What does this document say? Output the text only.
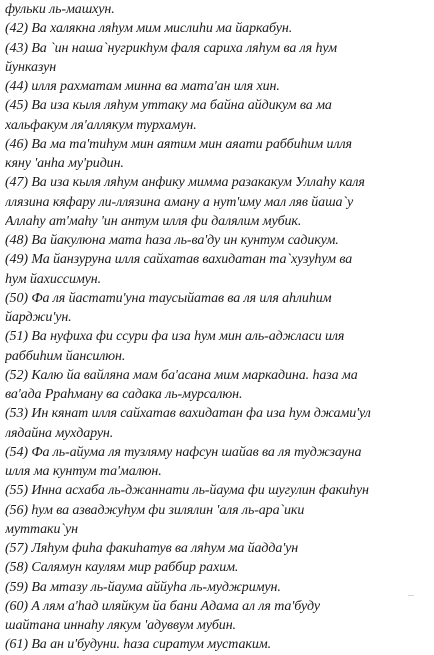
фульки ль-машхун.

(42) Ва халякна ляhум мим мислиhи ма йаркабун.

(43) Ва `ин наша`нугрикhум фаля сариха ляhум ва ля hум

йунказун

(44) илля рахматам минна ва мата'ан иля хин.

(45) Ва иза кыля ляhум уттаку ма байна айдикум ва ма

хальфакум ля'аллякум турхамун.

(46) Ва ма та'тиhум мин аятим мин аяати раббиhим илля

кяну 'анhа му'ридин.

(47) Ва иза кыля ляhум анфику мимма разакакум Уллаhу каля

ллязина кяфару ли-ллязина аману а нут'иму мал ляв йаша`у

Аллаhу ат'маhу 'ин антум илля фи далялим мубик.

(48) Ва йакулюна мата hаза ль-ва'ду ин кунтум садикум.

(49) Ма йанзуруна илля сайхатав вахидатан та`хузуhум ва

hум йахиссимун.

(50) Фа ля йастати'уна таусыйатав ва ля иля аhлиhим

йарджи'ун.

(51) Ва нуфиха фи ссури фа иза hум мин аль-аджласи иля

раббиhим йансилюн.

(52) Калю йа вайляна мам ба'асана мим маркадина. hаза ма

ва'ада Рраhману ва садака ль-мурсалюн.

(53) Ин кянат илля сайхатав вахидатан фа иза hум джами'ул

лядайна мухдарун.

(54) Фа ль-айума ля тузляму нафсун шайав ва ля туджзауна

илля ма кунтум та'малюн.

(55) Инна асхаба ль-джаннати ль-йаума фи шугулин факиhун

(56) hум ва азваджуhум фи зилялин 'аля ль-ара`ики

муттаки`ун

(57) Ляhум фиhа факиhатув ва ляhум ма йадда'ун

(58) Салямун каулям мир раббир рахим.

(59) Ва мтазу ль-йаума аййуhа ль-муджримун.

(60) А лям а'hад иляйкум йа бани Адама ал ля та'буду

шайтана иннаhу лякум 'адуввум мубин.

(61) Ва ан и'будуни. hаза сиратум мустаким.

…
